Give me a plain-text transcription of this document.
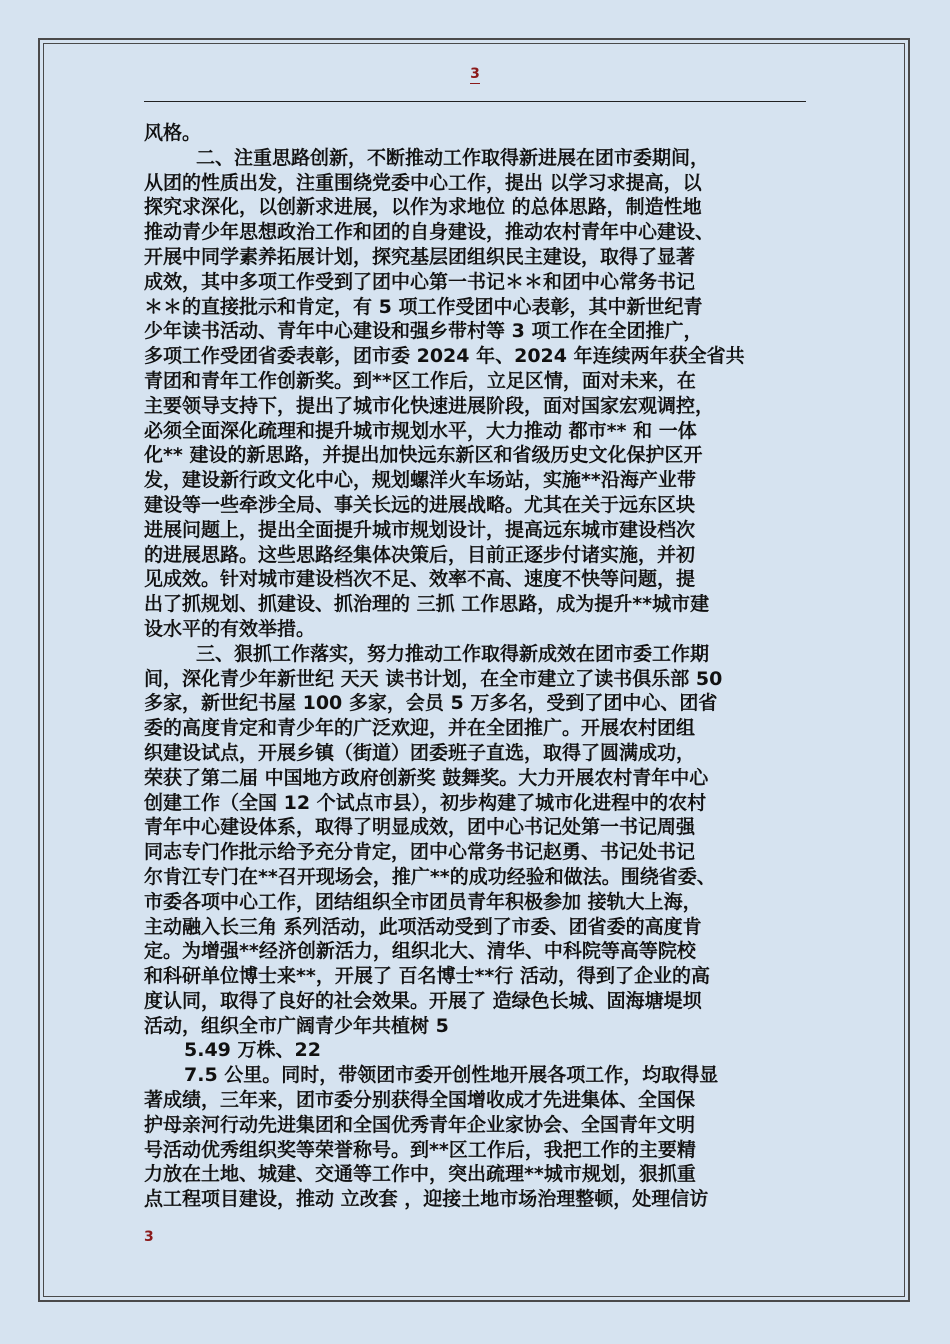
3

风格。

二、注重思路创新，不断推动工作取得新进展在团市委期间，

从团的性质出发，注重围绕党委中心工作，提出 以学习求提高，以

探究求深化，以创新求进展，以作为求地位 的总体思路，制造性地

推动青少年思想政治工作和团的自身建设，推动农村青年中心建设、

开展中同学素养拓展计划，探究基层团组织民主建设，取得了显著

成效，其中多项工作受到了团中心第一书记＊＊和团中心常务书记

＊＊的直接批示和肯定，有 5 项工作受团中心表彰，其中新世纪青

少年读书活动、青年中心建设和强乡带村等 3 项工作在全团推广，

多项工作受团省委表彰，团市委 2024 年、2024 年连续两年获全省共

青团和青年工作创新奖。到**区工作后，立足区情，面对未来，在

主要领导支持下，提出了城市化快速进展阶段，面对国家宏观调控，

必须全面深化疏理和提升城市规划水平，大力推动 都市** 和 一体

化** 建设的新思路，并提出加快远东新区和省级历史文化保护区开

发，建设新行政文化中心，规划螺洋火车场站，实施**沿海产业带

建设等一些牵涉全局、事关长远的进展战略。尤其在关于远东区块

进展问题上，提出全面提升城市规划设计，提高远东城市建设档次

的进展思路。这些思路经集体决策后，目前正逐步付诸实施，并初

见成效。针对城市建设档次不足、效率不高、速度不快等问题，提

出了抓规划、抓建设、抓治理的 三抓 工作思路，成为提升**城市建

设水平的有效举措。

三、狠抓工作落实，努力推动工作取得新成效在团市委工作期

间，深化青少年新世纪 天天 读书计划，在全市建立了读书俱乐部 50

多家，新世纪书屋 100 多家，会员 5 万多名，受到了团中心、团省

委的高度肯定和青少年的广泛欢迎，并在全团推广。开展农村团组

织建设试点，开展乡镇（街道）团委班子直选，取得了圆满成功，

荣获了第二届 中国地方政府创新奖 鼓舞奖。大力开展农村青年中心

创建工作（全国 12 个试点市县），初步构建了城市化进程中的农村

青年中心建设体系，取得了明显成效，团中心书记处第一书记周强

同志专门作批示给予充分肯定，团中心常务书记赵勇、书记处书记

尔肯江专门在**召开现场会，推广**的成功经验和做法。围绕省委、

市委各项中心工作，团结组织全市团员青年积极参加 接轨大上海，

主动融入长三角 系列活动，此项活动受到了市委、团省委的高度肯

定。为增强**经济创新活力，组织北大、清华、中科院等高等院校

和科研单位博士来**，开展了 百名博士**行 活动，得到了企业的高

度认同，取得了良好的社会效果。开展了 造绿色长城、固海塘堤坝

活动，组织全市广阔青少年共植树 5

5.49 万株、22

7.5 公里。同时，带领团市委开创性地开展各项工作，均取得显

著成绩，三年来，团市委分别获得全国增收成才先进集体、全国保

护母亲河行动先进集团和全国优秀青年企业家协会、全国青年文明

号活动优秀组织奖等荣誉称号。到**区工作后，我把工作的主要精

力放在土地、城建、交通等工作中，突出疏理**城市规划，狠抓重

点工程项目建设，推动 立改套 ，迎接土地市场治理整顿，处理信访

3
